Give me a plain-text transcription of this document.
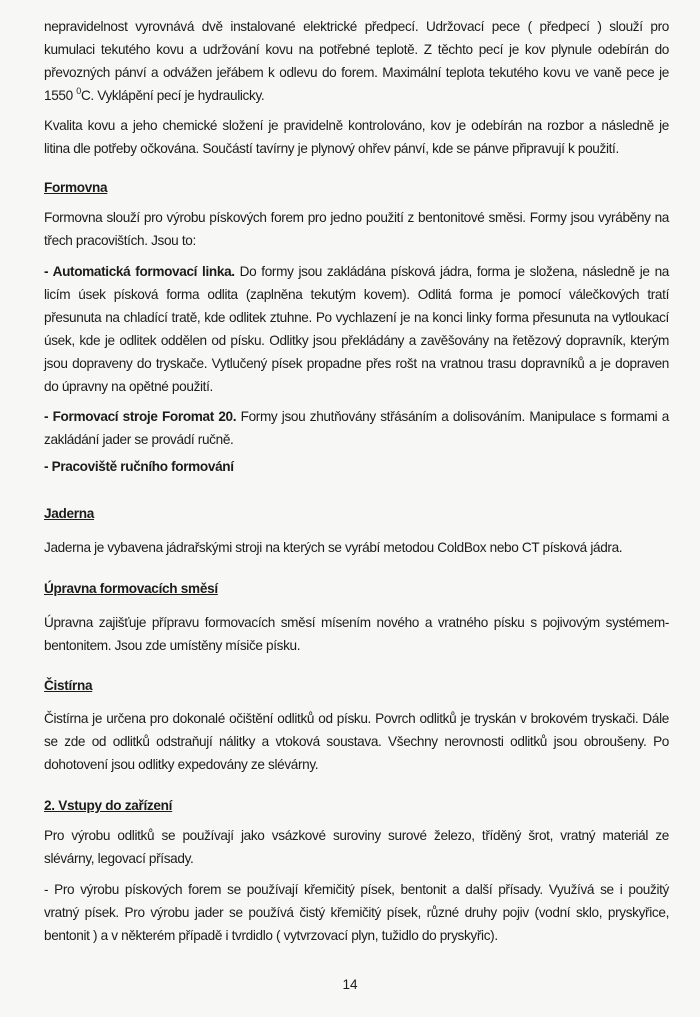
nepravidelnost vyrovnává dvě instalované elektrické předpecí. Udržovací pece ( předpecí ) slouží pro
kumulaci tekutého kovu a udržování kovu na potřebné teplotě. Z těchto pecí je kov plynule odebírán do
převozných pánví a odvážen jeřábem k odlevu do forem. Maximální teplota tekutého kovu ve vaně pece je
1550 $^0$C. Vyklápění pecí je hydraulicky.
Kvalita kovu a jeho chemické složení je pravidelně kontrolováno, kov je odebírán na rozbor a následně je
litina dle potřeby očkována. Součástí tavírny je plynový ohřev pánví, kde se pánve připravují k použití.
Formovna
Formovna slouží pro výrobu pískových forem pro jedno použití z bentonitové směsi. Formy jsou vyráběny na
třech pracovištích. Jsou to:
- Automatická formovací linka. Do formy jsou zakládána písková jádra, forma je složena, následně je na
licím úsek písková forma odlita (zaplněna tekutým kovem). Odlitá forma je pomocí válečkových tratí
přesunuta na chladící tratě, kde odlitek ztuhne. Po vychlazení je na konci linky forma přesunuta na vytloukací
úsek, kde je odlitek oddělen od písku. Odlitky jsou překládány a zavěšovány na řetězový dopravník, kterým
jsou dopraveny do tryskače. Vytlučený písek propadne přes rošt na vratnou trasu dopravníků a je dopraven
do úpravny na opětné použití.
- Formovací stroje Foromat 20. Formy jsou zhutňovány střásáním a dolisováním. Manipulace s formami a
zakládání jader se provádí ručně.
- Pracoviště ručního formování
Jaderna
Jaderna je vybavena jádrařskými stroji na kterých se vyrábí metodou ColdBox nebo CT písková jádra.
Úpravna formovacích směsí
Úpravna zajišťuje přípravu formovacích směsí mísením nového a vratného písku s pojivovým systémem-
bentonitem. Jsou zde umístěny mísiče písku.
Čistírna
Čistírna je určena pro dokonalé očištění odlitků od písku. Povrch odlitků je tryskán v brokovém tryskači. Dále
se zde od odlitků odstraňují nálitky a vtoková soustava. Všechny nerovnosti odlitků jsou obroušeny. Po
dohotovení jsou odlitky expedovány ze slévárny.
2. Vstupy do zařízení
Pro výrobu odlitků se používají jako vsázkové suroviny surové železo, tříděný šrot, vratný materiál ze
slévárny, legovací přísady.
- Pro výrobu pískových forem se používají křemičitý písek, bentonit a další přísady. Využívá se i použitý
vratný písek. Pro výrobu jader se používá čistý křemičitý písek, různé druhy pojiv (vodní sklo, pryskyřice,
bentonit ) a v některém případě i tvrdidlo ( vytvrzovací plyn, tužidlo do pryskyřic).
14
